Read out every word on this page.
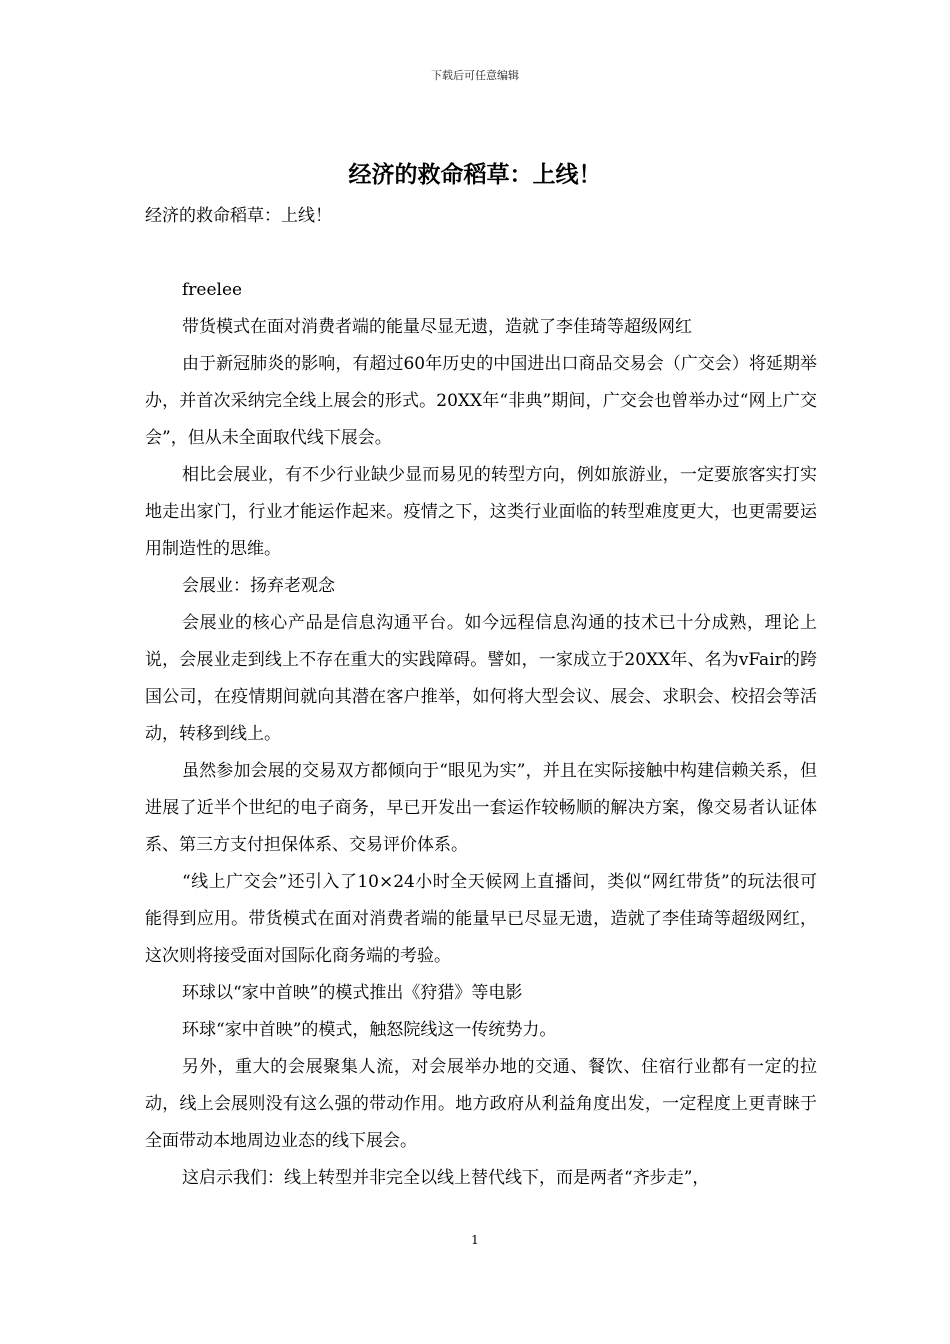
下载后可任意编辑
经济的救命稻草：上线！

经济的救命稻草：上线！

freelee

带货模式在面对消费者端的能量尽显无遗，造就了李佳琦等超级网红

由于新冠肺炎的影响，有超过60年历史的中国进出口商品交易会（广交会）将延期举办，并首次采纳完全线上展会的形式。20XX年“非典”期间，广交会也曾举办过“网上广交会”，但从未全面取代线下展会。

相比会展业，有不少行业缺少显而易见的转型方向，例如旅游业，一定要旅客实打实地走出家门，行业才能运作起来。疫情之下，这类行业面临的转型难度更大，也更需要运用制造性的思维。

会展业：扬弃老观念

会展业的核心产品是信息沟通平台。如今远程信息沟通的技术已十分成熟，理论上说，会展业走到线上不存在重大的实践障碍。譬如，一家成立于20XX年、名为vFair的跨国公司，在疫情期间就向其潜在客户推举，如何将大型会议、展会、求职会、校招会等活动，转移到线上。

虽然参加会展的交易双方都倾向于“眼见为实”，并且在实际接触中构建信赖关系，但进展了近半个世纪的电子商务，早已开发出一套运作较畅顺的解决方案，像交易者认证体系、第三方支付担保体系、交易评价体系。

“线上广交会”还引入了10×24小时全天候网上直播间，类似“网红带货”的玩法很可能得到应用。带货模式在面对消费者端的能量早已尽显无遗，造就了李佳琦等超级网红，这次则将接受面对国际化商务端的考验。

环球以“家中首映”的模式推出《狩猎》等电影

环球“家中首映”的模式，触怒院线这一传统势力。

另外，重大的会展聚集人流，对会展举办地的交通、餐饮、住宿行业都有一定的拉动，线上会展则没有这么强的带动作用。地方政府从利益角度出发，一定程度上更青睐于全面带动本地周边业态的线下展会。

这启示我们：线上转型并非完全以线上替代线下，而是两者“齐步走”，

1
